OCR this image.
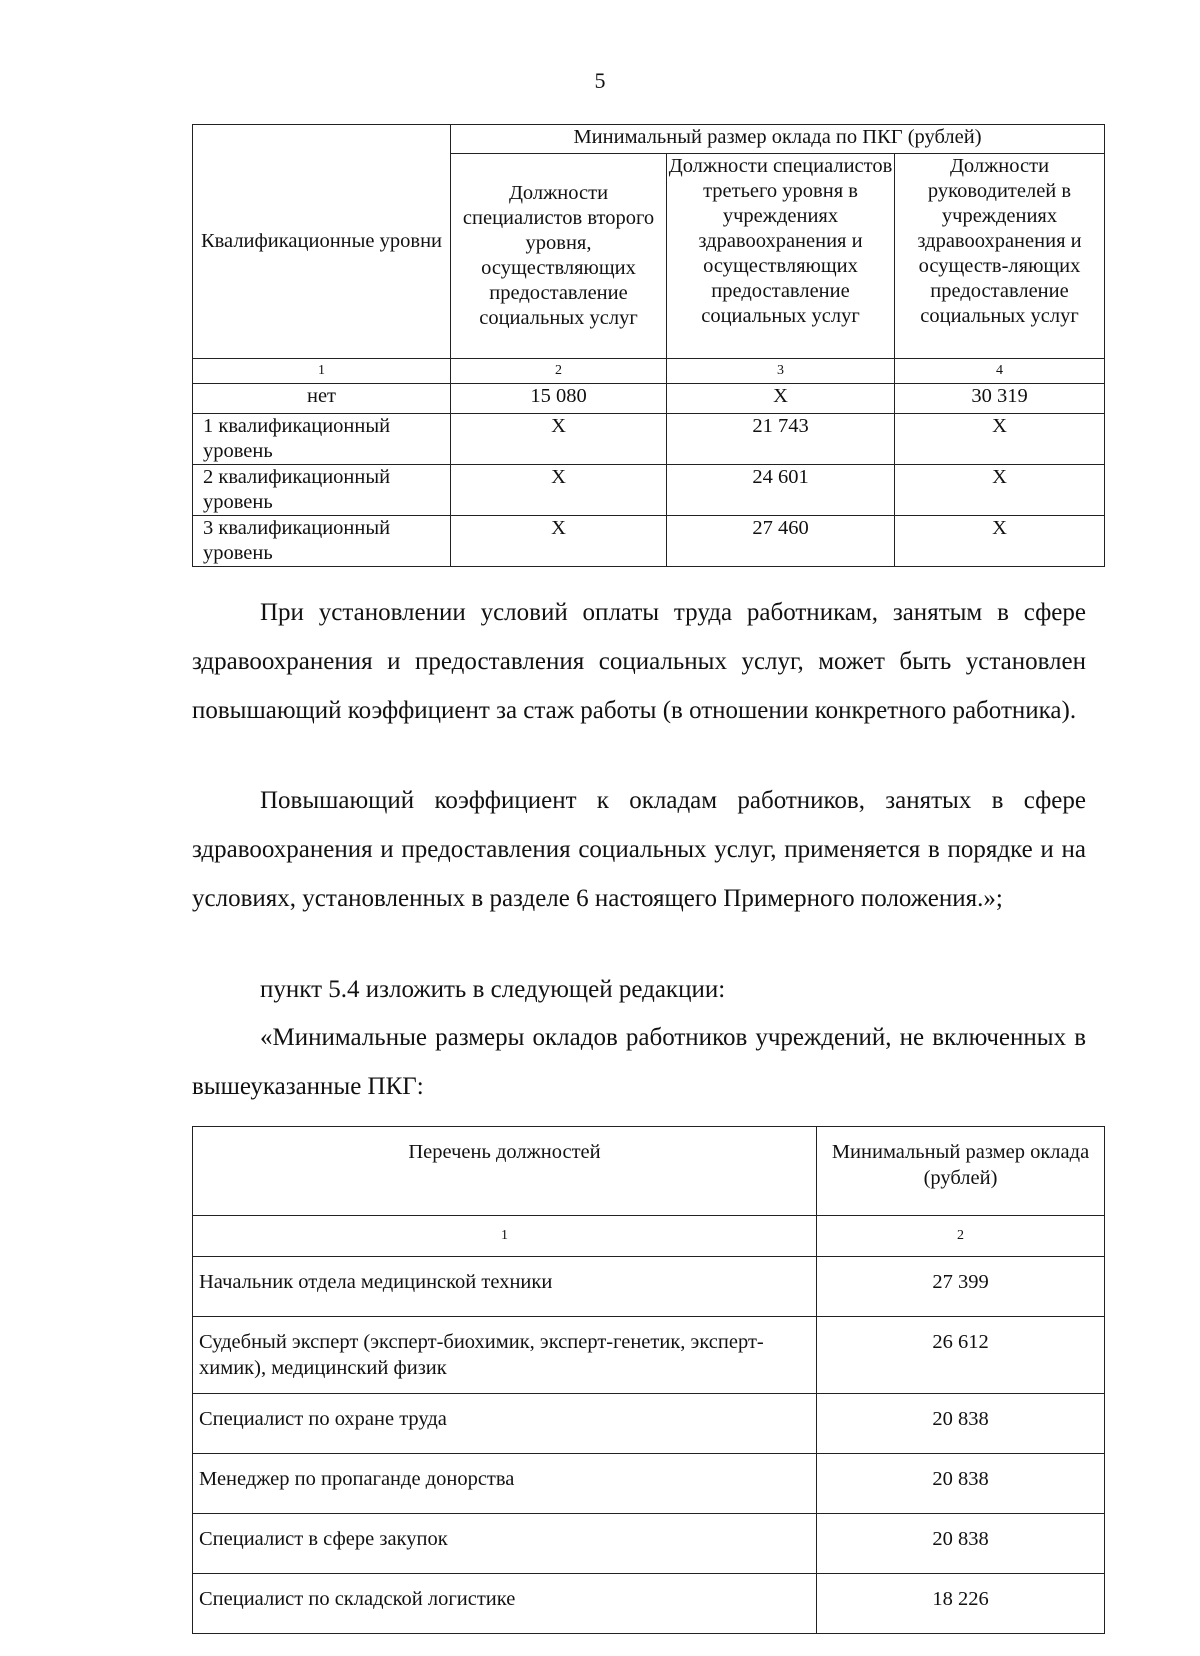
5
Квалификационные уровни	Минимальный размер оклада по ПКГ (рублей)		
	Должности специалистов второго уровня, осуществляющих предоставление социальных услуг	Должности специалистов третьего уровня в учреждениях здравоохранения и осуществляющих предоставление социальных услуг	Должности руководителей в учреждениях здравоохранения и осуществ-ляющих предоставление социальных услуг
1	2	3	4
нет	15 080	Х	30 319
1 квалификационный уровень	Х	21 743	Х
2 квалификационный уровень	Х	24 601	Х
3 квалификационный уровень	Х	27 460	Х

При установлении условий оплаты труда работникам, занятым в сфере здравоохранения и предоставления социальных услуг, может быть установлен повышающий коэффициент за стаж работы (в отношении конкретного работника).

Повышающий коэффициент к окладам работников, занятых в сфере здравоохранения и предоставления социальных услуг, применяется в порядке и на условиях, установленных в разделе 6 настоящего Примерного положения.»;

пункт 5.4 изложить в следующей редакции:

«Минимальные размеры окладов работников учреждений, не включенных в вышеуказанные ПКГ:

Перечень должностей	Минимальный размер оклада (рублей)
1	2
Начальник отдела медицинской техники	27 399
Судебный эксперт (эксперт-биохимик, эксперт-генетик, эксперт-химик), медицинский физик	26 612
Специалист по охране труда	20 838
Менеджер по пропаганде донорства	20 838
Специалист в сфере закупок	20 838
Специалист по складской логистике	18 226
